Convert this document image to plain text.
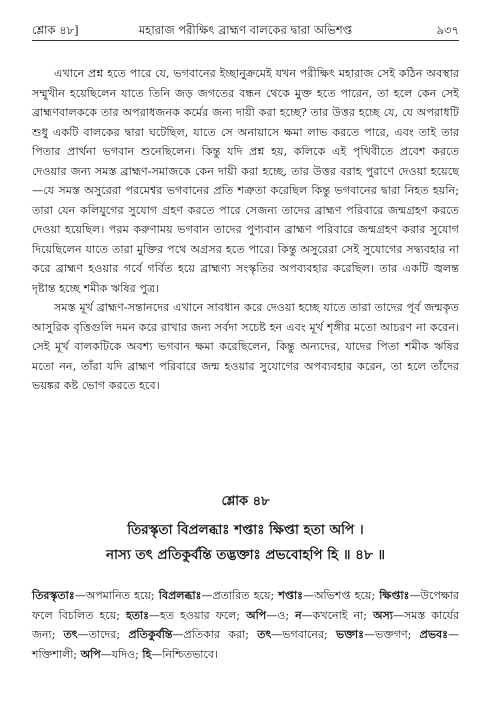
শ্লোক ৪৮]	মহারাজ পরীক্ষিৎ ব্রাহ্মণ বালকের দ্বারা অভিশপ্ত	৯৩৭

এখানে প্রশ্ন হতে পারে যে, ভগবানের ইচ্ছানুক্রমেই যখন পরীক্ষিৎ মহারাজ সেই কঠিন অবস্থার সম্মুখীন হয়েছিলেন যাতে তিনি জড় জগতের বন্ধন থেকে মুক্ত হতে পারেন, তা হলে কেন সেই ব্রাহ্মণবালককে তার অপরাধজনক কর্মের জন্য দায়ী করা হচ্ছে? তার উত্তর হচ্ছে যে, যে অপরাধটি শুধু একটি বালকের দ্বারা ঘটেছিল, যাতে সে অনায়াসে ক্ষমা লাভ করতে পারে, এবং তাই তার পিতার প্রার্থনা ভগবান শুনেছিলেন। কিন্তু যদি প্রশ্ন হয়, কলিকে এই পৃথিবীতে প্রবেশ করতে দেওয়ার জন্য সমস্ত ব্রাহ্মণ-সমাজকে কেন দায়ী করা হচ্ছে, তার উত্তর বরাহ পুরাণে দেওয়া হয়েছে—যে সমস্ত অসুরেরা পরমেশ্বর ভগবানের প্রতি শত্রুতা করেছিল কিন্তু ভগবানের দ্বারা নিহত হয়নি; তারা যেন কলিযুগের সুযোগ গ্রহণ করতে পারে সেজন্য তাদের ব্রাহ্মণ পরিবারে জন্মগ্রহণ করতে দেওয়া হয়েছিল। পরম করুণাময় ভগবান তাদের পুণ্যবান ব্রাহ্মণ পরিবারে জন্মগ্রহণ করার সুযোগ দিয়েছিলেন যাতে তারা মুক্তির পথে অগ্রসর হতে পারে। কিন্তু অসুরেরা সেই সুযোগের সদ্ব্যবহার না করে ব্রাহ্মণ হওয়ার গর্বে গর্বিত হয়ে ব্রাহ্মণ্য সংস্কৃতির অপব্যবহার করেছিল। তার একটি জ্বলন্ত দৃষ্টান্ত হচ্ছে শমীক ঋষির পুত্র।

সমস্ত মূর্খ ব্রাহ্মণ-সন্তানদের এখানে সাবধান করে দেওয়া হচ্ছে যাতে তারা তাদের পূর্ব জন্মকৃত আসুরিক বৃত্তিগুলি দমন করে রাখার জন্য সর্বদা সচেষ্ট হন এবং মূর্খ শৃঙ্গীর মতো আচরণ না করেন। সেই মূর্খ বালকটিকে অবশ্য ভগবান ক্ষমা করেছিলেন, কিন্তু অন্যদের, যাদের পিতা শমীক ঋষির মতো নন, তাঁরা যদি ব্রাহ্মণ পরিবারে জন্ম হওয়ার সুযোগের অপব্যবহার করেন, তা হলে তাঁদের ভয়ঙ্কর কষ্ট ভোগ করতে হবে।

শ্লোক ৪৮
তিরস্কৃতা বিপ্রলব্ধাঃ শপ্তাঃ ক্ষিপ্তা হতা অপি ।
নাস্য তৎ প্রতিকুর্বন্তি তদ্ভক্তাঃ প্রভবোহপি হি ॥ ৪৮ ॥
তিরস্কৃতাঃ—অপমানিত হয়ে; বিপ্রলব্ধাঃ—প্রতারিত হয়ে; শপ্তাঃ—অভিশপ্ত হয়ে; ক্ষিপ্তাঃ—উপেক্ষার ফলে বিচলিত হয়ে; হতাঃ—হত হওয়ার ফলে; অপি—ও; ন—কখনোই না; অস্য—সমস্ত কার্যের জন্য; তৎ—তাদের; প্রতিকুর্বন্তি—প্রতিকার করা; তৎ—ভগবানের; ভক্তাঃ—ভক্তগণ; প্রভবঃ—শক্তিশালী; অপি—যদিও; হি—নিশ্চিতভাবে।
